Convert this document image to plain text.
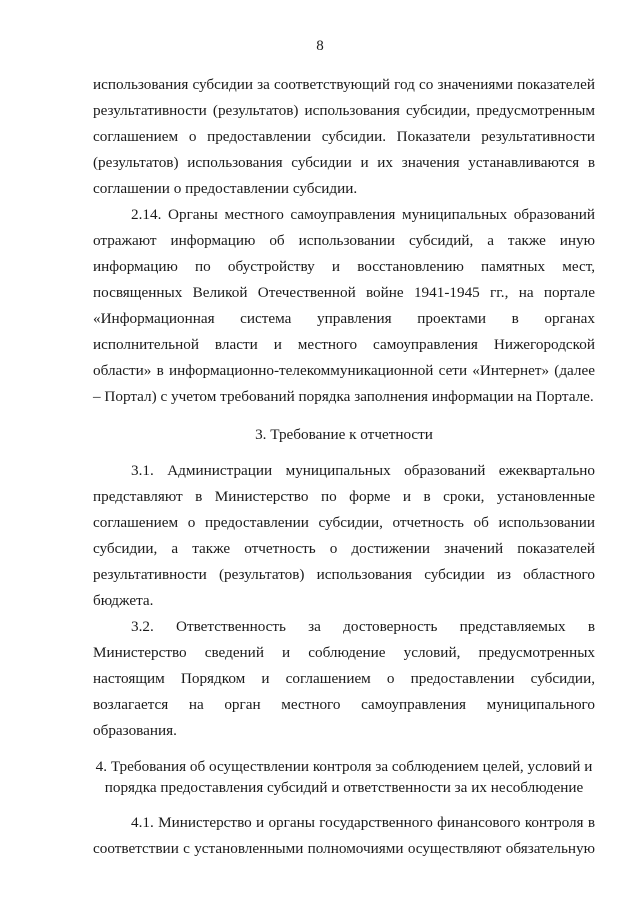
8

использования субсидии за соответствующий год со значениями показателей результативности (результатов) использования субсидии, предусмотренным соглашением о предоставлении субсидии. Показатели результативности (результатов) использования субсидии и их значения устанавливаются в соглашении о предоставлении субсидии.

2.14. Органы местного самоуправления муниципальных образований отражают информацию об использовании субсидий, а также иную информацию по обустройству и восстановлению памятных мест, посвященных Великой Отечественной войне 1941-1945 гг., на портале «Информационная система управления проектами в органах исполнительной власти и местного самоуправления Нижегородской области» в информационно-телекоммуникационной сети «Интернет» (далее – Портал) с учетом требований порядка заполнения информации на Портале.

3. Требование к отчетности

3.1. Администрации муниципальных образований ежеквартально представляют в Министерство по форме и в сроки, установленные соглашением о предоставлении субсидии, отчетность об использовании субсидии, а также отчетность о достижении значений показателей результативности (результатов) использования субсидии из областного бюджета.

3.2. Ответственность за достоверность представляемых в Министерство сведений и соблюдение условий, предусмотренных настоящим Порядком и соглашением о предоставлении субсидии, возлагается на орган местного самоуправления муниципального образования.

4. Требования об осуществлении контроля за соблюдением целей, условий и порядка предоставления субсидий и ответственности за их несоблюдение

4.1. Министерство и органы государственного финансового контроля в соответствии с установленными полномочиями осуществляют обязательную
